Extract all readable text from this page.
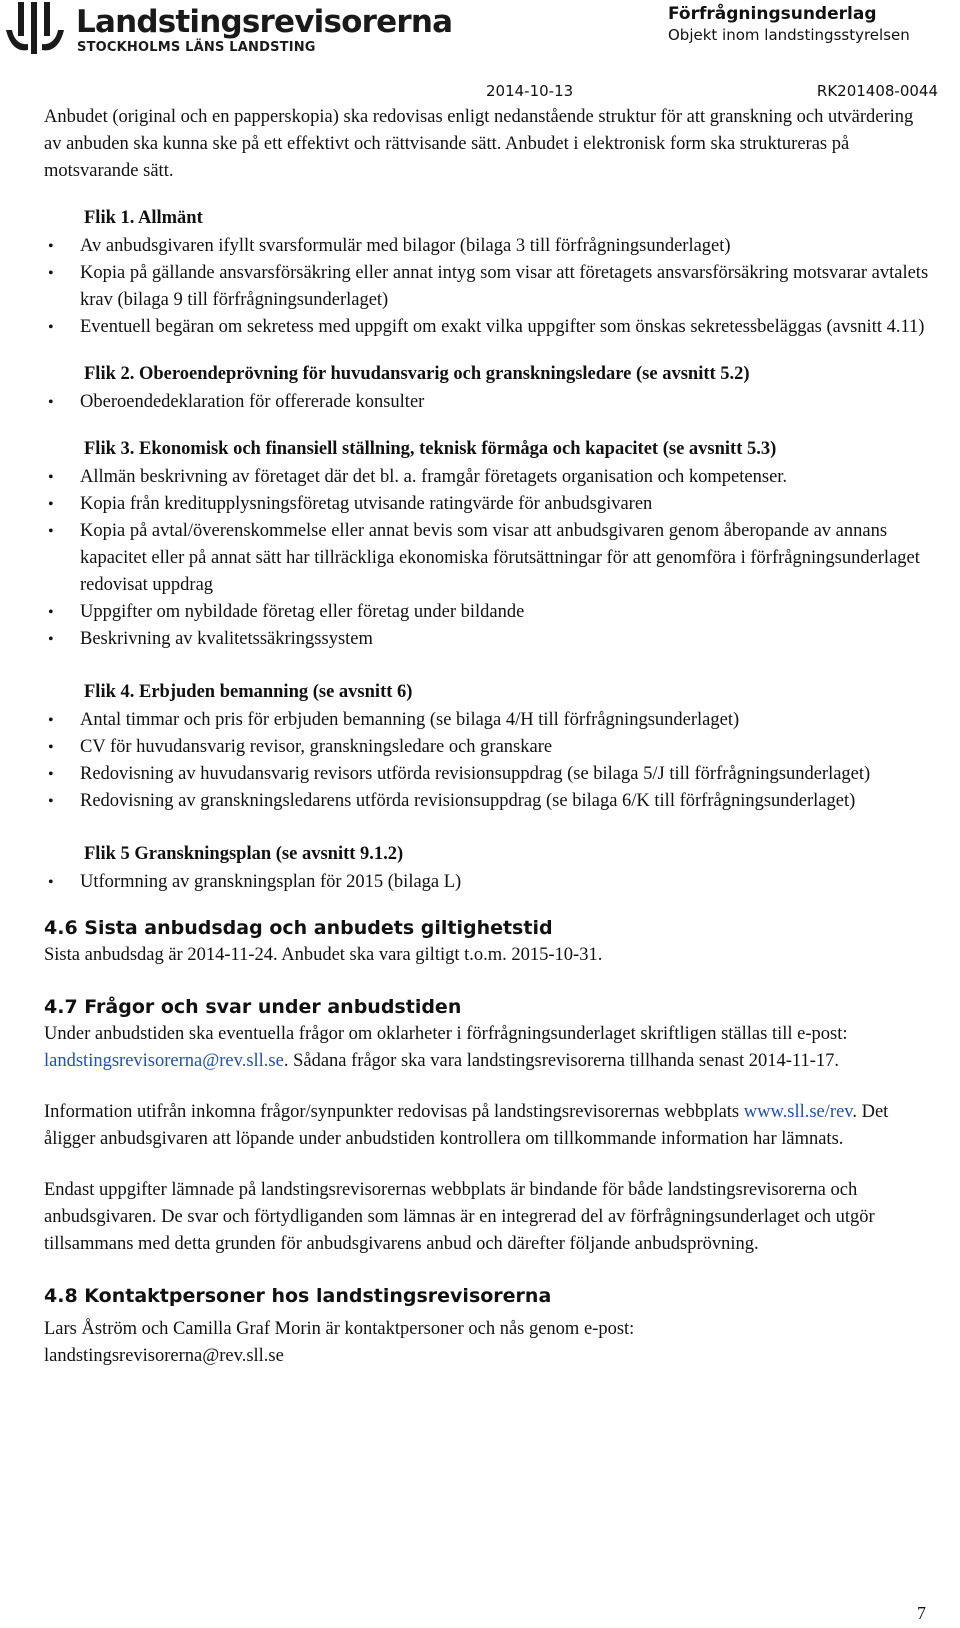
Landstingsrevisorerna
STOCKHOLMS LÄNS LANDSTING
Förfrågningsunderlag
Objekt inom landstingsstyrelsen
2014-10-13	RK201408-0044

Anbudet (original och en papperskopia) ska redovisas enligt nedanstående struktur för att granskning och utvärdering av anbuden ska kunna ske på ett effektivt och rättvisande sätt. Anbudet i elektronisk form ska struktureras på motsvarande sätt.

Flik 1. Allmänt
• Av anbudsgivaren ifyllt svarsformulär med bilagor (bilaga 3 till förfrågningsunderlaget)
• Kopia på gällande ansvarsförsäkring eller annat intyg som visar att företagets ansvarsförsäkring motsvarar avtalets krav (bilaga 9 till förfrågningsunderlaget)
• Eventuell begäran om sekretess med uppgift om exakt vilka uppgifter som önskas sekretessbeläggas (avsnitt 4.11)
Flik 2. Oberoendeprövning för huvudansvarig och granskningsledare (se avsnitt 5.2)
• Oberoendedeklaration för offererade konsulter
Flik 3. Ekonomisk och finansiell ställning, teknisk förmåga och kapacitet (se avsnitt 5.3)
• Allmän beskrivning av företaget där det bl. a. framgår företagets organisation och kompetenser.
• Kopia från kreditupplysningsföretag utvisande ratingvärde för anbudsgivaren
• Kopia på avtal/överenskommelse eller annat bevis som visar att anbudsgivaren genom åberopande av annans kapacitet eller på annat sätt har tillräckliga ekonomiska förutsättningar för att genomföra i förfrågningsunderlaget redovisat uppdrag
• Uppgifter om nybildade företag eller företag under bildande
• Beskrivning av kvalitetssäkringssystem
Flik 4. Erbjuden bemanning (se avsnitt 6)
• Antal timmar och pris för erbjuden bemanning (se bilaga 4/H till förfrågningsunderlaget)
• CV för huvudansvarig revisor, granskningsledare och granskare
• Redovisning av huvudansvarig revisors utförda revisionsuppdrag (se bilaga 5/J till förfrågningsunderlaget)
• Redovisning av granskningsledarens utförda revisionsuppdrag (se bilaga 6/K till förfrågningsunderlaget)
Flik 5 Granskningsplan (se avsnitt 9.1.2)
• Utformning av granskningsplan för 2015 (bilaga L)
4.6 Sista anbudsdag och anbudets giltighetstid

Sista anbudsdag är 2014-11-24. Anbudet ska vara giltigt t.o.m. 2015-10-31.

4.7 Frågor och svar under anbudstiden

Under anbudstiden ska eventuella frågor om oklarheter i förfrågningsunderlaget skriftligen ställas till e-post: landstingsrevisorerna@rev.sll.se. Sådana frågor ska vara landstingsrevisorerna tillhanda senast 2014-11-17.

Information utifrån inkomna frågor/synpunkter redovisas på landstingsrevisorernas webbplats www.sll.se/rev. Det åligger anbudsgivaren att löpande under anbudstiden kontrollera om tillkommande information har lämnats.

Endast uppgifter lämnade på landstingsrevisorernas webbplats är bindande för både landstingsrevisorerna och anbudsgivaren. De svar och förtydliganden som lämnas är en integrerad del av förfrågningsunderlaget och utgör tillsammans med detta grunden för anbudsgivarens anbud och därefter följande anbudsprövning.

4.8 Kontaktpersoner hos landstingsrevisorerna

Lars Åström och Camilla Graf Morin är kontaktpersoner och nås genom e-post:

landstingsrevisorerna@rev.sll.se

7
